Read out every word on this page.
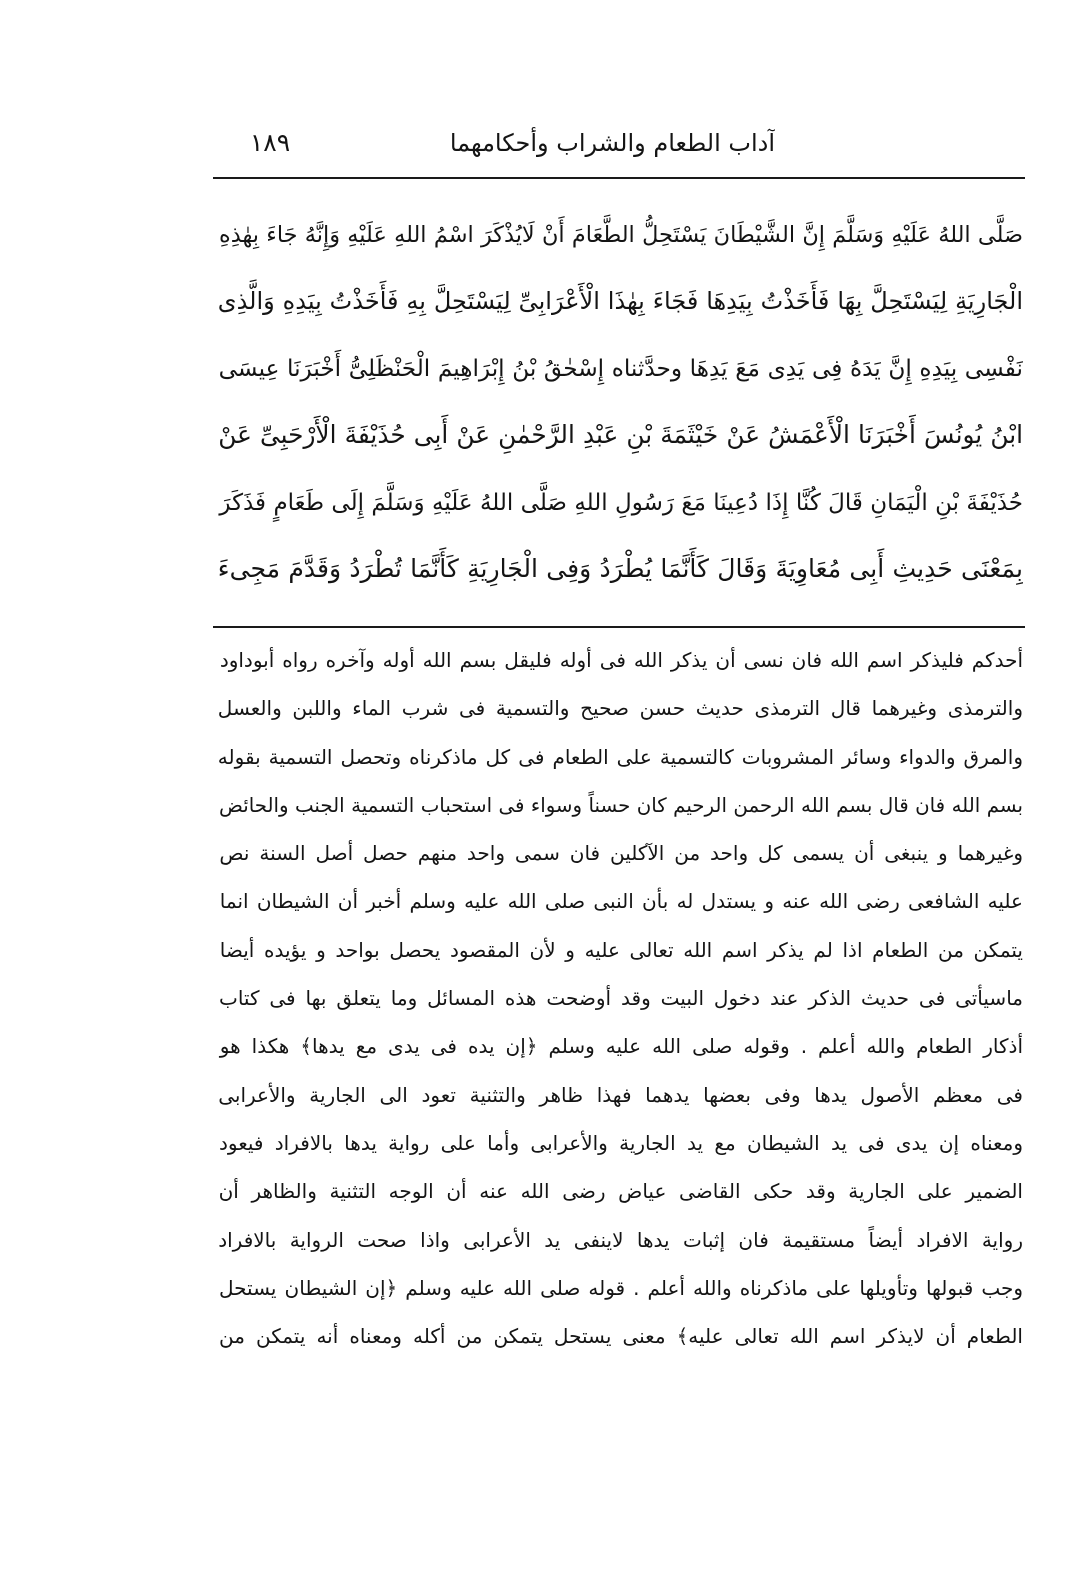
آداب الطعام والشراب وأحكامهما
١٨٩
صَلَّى اللهُ عَلَيْهِ وَسَلَّمَ إِنَّ الشَّيْطَانَ يَسْتَحِلُّ الطَّعَامَ أَنْ لَايُذْكَرَ اسْمُ اللهِ عَلَيْهِ وَإِنَّهُ جَاءَ بِهٰذِهِ
الْجَارِيَةِ لِيَسْتَحِلَّ بِهَا فَأَخَذْتُ بِيَدِهَا فَجَاءَ بِهٰذَا الْأَعْرَابِىِّ لِيَسْتَحِلَّ بِهِ فَأَخَذْتُ بِيَدِهِ وَالَّذِى
نَفْسِى بِيَدِهِ إِنَّ يَدَهُ فِى يَدِى مَعَ يَدِهَا وحدَّثناه إِسْحٰقُ بْنُ إِبْرَاهِيمَ الْحَنْظَلِىُّ أَخْبَرَنَا عِيسَى
ابْنُ يُونُسَ أَخْبَرَنَا الْأَعْمَشُ عَنْ خَيْثَمَةَ بْنِ عَبْدِ الرَّحْمٰنِ عَنْ أَبِى حُذَيْفَةَ الْأَرْحَبِىِّ عَنْ
حُذَيْفَةَ بْنِ الْيَمَانِ قَالَ كُنَّا إِذَا دُعِينَا مَعَ رَسُولِ اللهِ صَلَّى اللهُ عَلَيْهِ وَسَلَّمَ إِلَى طَعَامٍ فَذَكَرَ
بِمَعْنَى حَدِيثِ أَبِى مُعَاوِيَةَ وَقَالَ كَأَنَّمَا يُطْرَدُ وَفِى الْجَارِيَةِ كَأَنَّمَا تُطْرَدُ وَقَدَّمَ مَجِىءَ
أحدكم فليذكر اسم الله فان نسى أن يذكر الله فى أوله فليقل بسم الله أوله وآخره رواه أبوداود
والترمذى وغيرهما قال الترمذى حديث حسن صحيح والتسمية فى شرب الماء واللبن والعسل
والمرق والدواء وسائر المشروبات كالتسمية على الطعام فى كل ماذكرناه وتحصل التسمية بقوله
بسم الله فان قال بسم الله الرحمن الرحيم كان حسناً وسواء فى استحباب التسمية الجنب والحائض
وغيرهما و ينبغى أن يسمى كل واحد من الآكلين فان سمى واحد منهم حصل أصل السنة نص
عليه الشافعى رضى الله عنه و يستدل له بأن النبى صلى الله عليه وسلم أخبر أن الشيطان انما
يتمكن من الطعام اذا لم يذكر اسم الله تعالى عليه و لأن المقصود يحصل بواحد و يؤيده أيضا
ماسيأتى فى حديث الذكر عند دخول البيت وقد أوضحت هذه المسائل وما يتعلق بها فى كتاب
أذكار الطعام والله أعلم . وقوله صلى الله عليه وسلم ﴿إن يده فى يدى مع يدها﴾ هكذا هو
فى معظم الأصول يدها وفى بعضها يدهما فهذا ظاهر والتثنية تعود الى الجارية والأعرابى
ومعناه إن يدى فى يد الشيطان مع يد الجارية والأعرابى وأما على رواية يدها بالافراد فيعود
الضمير على الجارية وقد حكى القاضى عياض رضى الله عنه أن الوجه التثنية والظاهر أن
رواية الافراد أيضاً مستقيمة فان إثبات يدها لاينفى يد الأعرابى واذا صحت الرواية بالافراد
وجب قبولها وتأويلها على ماذكرناه والله أعلم . قوله صلى الله عليه وسلم ﴿إن الشيطان يستحل
الطعام أن لايذكر اسم الله تعالى عليه﴾ معنى يستحل يتمكن من أكله ومعناه أنه يتمكن من
